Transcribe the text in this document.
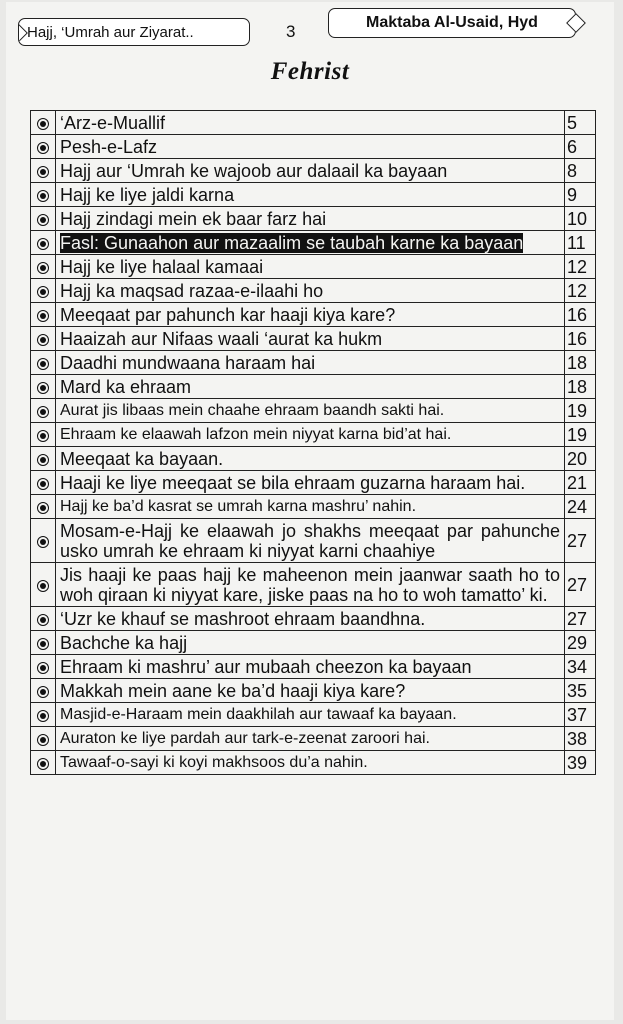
Hajj, ‘Umrah aur Ziyarat..	3	Maktaba Al-Usaid, Hyd
Fehrist
	‘Arz-e-Muallif	5
	Pesh-e-Lafz	6
	Hajj aur ‘Umrah ke wajoob aur dalaail ka bayaan	8
	Hajj ke liye jaldi karna	9
	Hajj zindagi mein ek baar farz hai	10
	Fasl: Gunaahon aur mazaalim se taubah karne ka bayaan	11
	Hajj ke liye halaal kamaai	12
	Hajj ka maqsad razaa-e-ilaahi ho	12
	Meeqaat par pahunch kar haaji kiya kare?	16
	Haaizah aur Nifaas waali ‘aurat ka hukm	16
	Daadhi mundwaana haraam hai	18
	Mard ka ehraam	18
	Aurat jis libaas mein chaahe ehraam baandh sakti hai.	19
	Ehraam ke elaawah lafzon mein niyyat karna bid’at hai.	19
	Meeqaat ka bayaan.	20
	Haaji ke liye meeqaat se bila ehraam guzarna haraam hai.	21
	Hajj ke ba’d kasrat se umrah karna mashru’ nahin.	24
	Mosam-e-Hajj ke elaawah jo shakhs meeqaat par pahunche usko umrah ke ehraam ki niyyat karni chaahiye	27
	Jis haaji ke paas hajj ke maheenon mein jaanwar saath ho to woh qiraan ki niyyat kare, jiske paas na ho to woh tamatto’ ki.	27
	‘Uzr ke khauf se mashroot ehraam baandhna.	27
	Bachche ka hajj	29
	Ehraam ki mashru’ aur mubaah cheezon ka bayaan	34
	Makkah mein aane ke ba’d haaji kiya kare?	35
	Masjid-e-Haraam mein daakhilah aur tawaaf ka bayaan.	37
	Auraton ke liye pardah aur tark-e-zeenat zaroori hai.	38
	Tawaaf-o-sayi ki koyi makhsoos du’a nahin.	39
